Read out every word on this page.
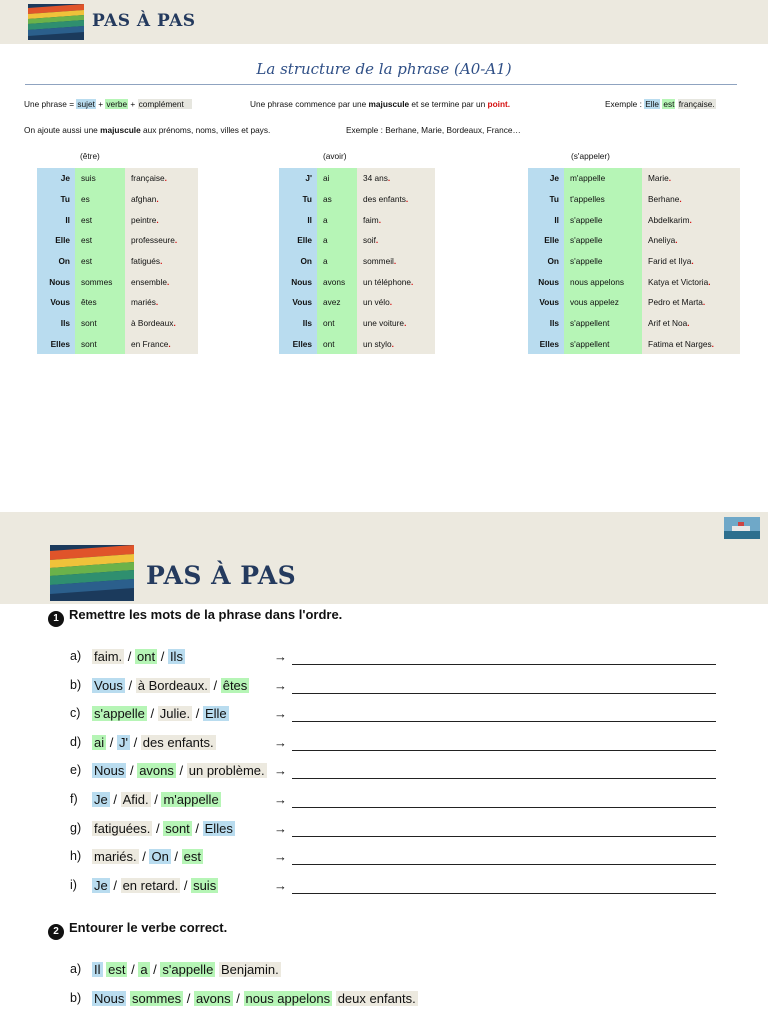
PAS À PAS
La structure de la phrase (A0-A1)
Une phrase = sujet + verbe + complément	Une phrase commence par une majuscule et se termine par un point.	Exemple : Elle est française.
On ajoute aussi une majuscule aux prénoms, noms, villes et pays.	Exemple : Berhane, Marie, Bordeaux, France…
(être)	(avoir)	(s'appeler)
Je	suis	française.
Tu	es	afghan.
Il	est	peintre.
Elle	est	professeure.
On	est	fatigués.
Nous	sommes	ensemble.
Vous	êtes	mariés.
Ils	sont	à Bordeaux.
Elles	sont	en France.
J'	ai	34 ans.
Tu	as	des enfants.
Il	a	faim.
Elle	a	soif.
On	a	sommeil.
Nous	avons	un téléphone.
Vous	avez	un vélo.
Ils	ont	une voiture.
Elles	ont	un stylo.
Je	m'appelle	Marie.
Tu	t'appelles	Berhane.
Il	s'appelle	Abdelkarim.
Elle	s'appelle	Aneliya.
On	s'appelle	Farid et Ilya.
Nous	nous appelons	Katya et Victoria.
Vous	vous appelez	Pedro et Marta.
Ils	s'appellent	Arif et Noa.
Elles	s'appellent	Fatima et Narges.
PAS À PAS
1 Remettre les mots de la phrase dans l'ordre.
a) faim. / ont / Ils	→
b) Vous / à Bordeaux. / êtes →
c) s'appelle / Julie. / Elle	→
d) ai / J' / des enfants.	→
e) Nous / avons / un problème. →
f) Je / Afid. / m'appelle	→
g) fatiguées. / sont / Elles	→
h) mariés. / On / est	→
i) Je / en retard. / suis	→
2 Entourer le verbe correct.
a) Il est / a / s'appelle Benjamin.
b) Nous sommes / avons / nous appelons deux enfants.
